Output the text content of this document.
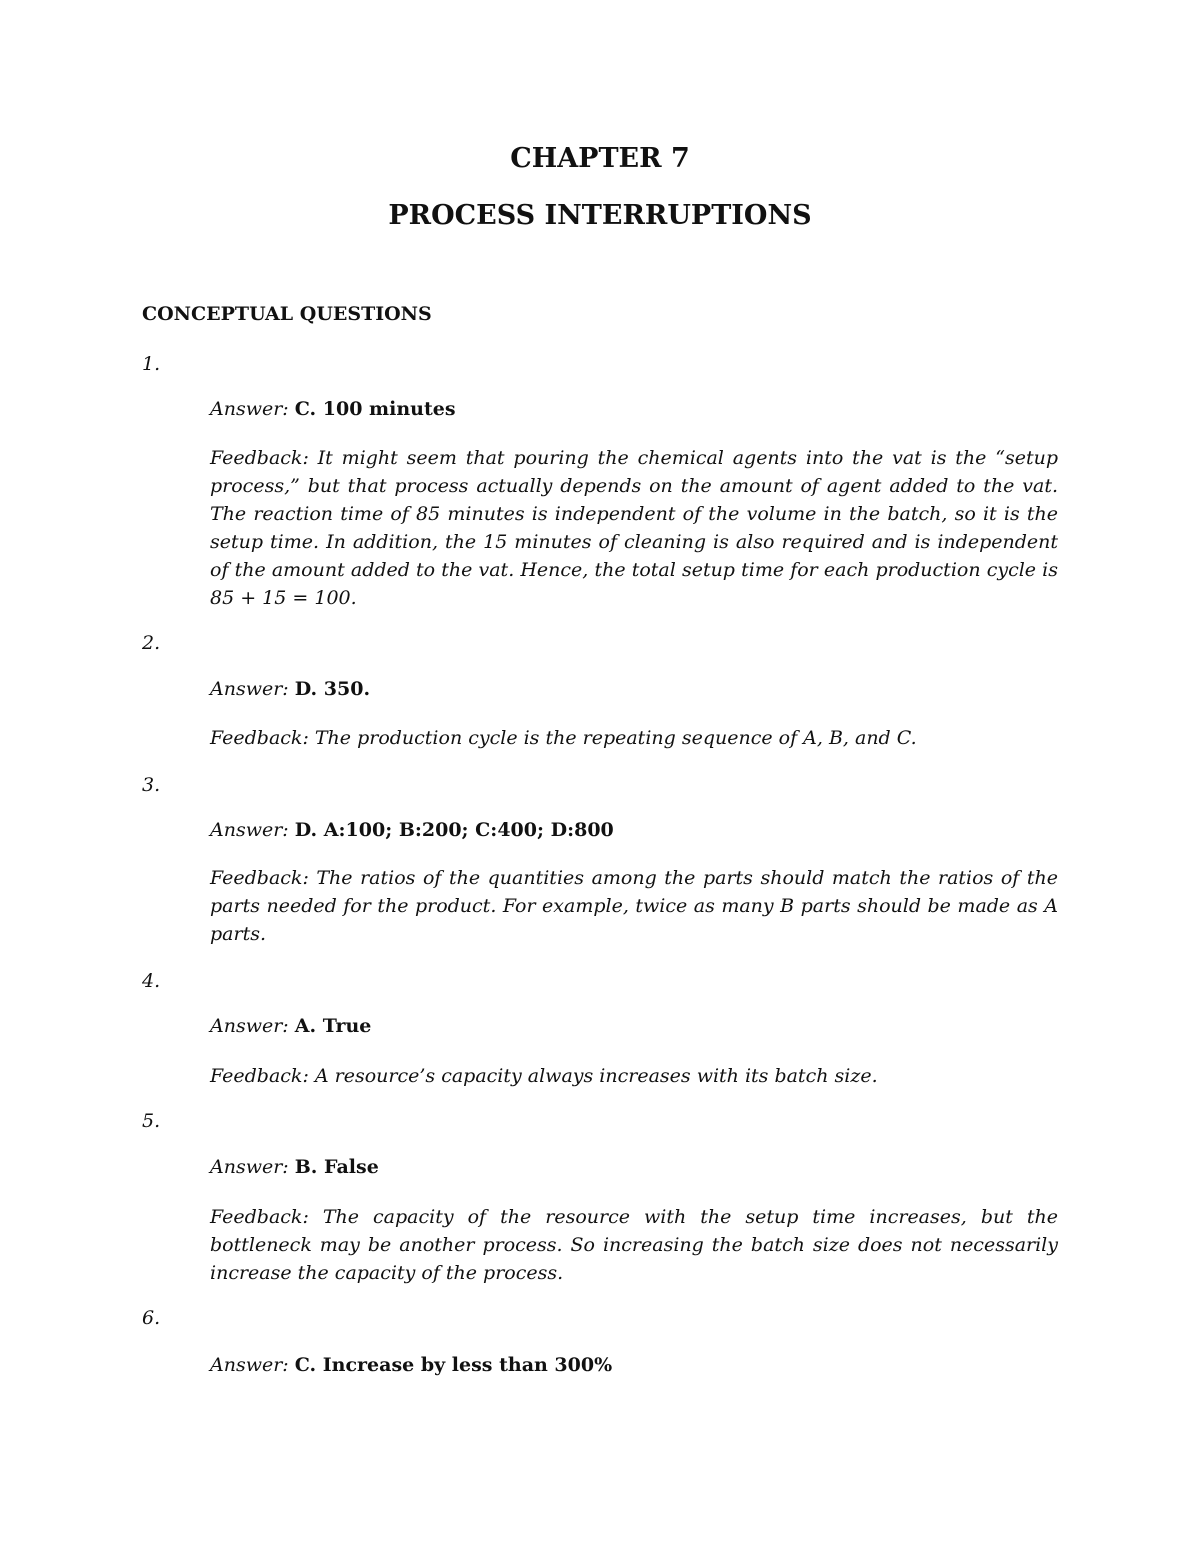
CHAPTER 7
PROCESS INTERRUPTIONS
CONCEPTUAL QUESTIONS
1.
Answer: C. 100 minutes

Feedback: It might seem that pouring the chemical agents into the vat is the “setup process,” but that process actually depends on the amount of agent added to the vat. The reaction time of 85 minutes is independent of the volume in the batch, so it is the setup time. In addition, the 15 minutes of cleaning is also required and is independent of the amount added to the vat. Hence, the total setup time for each production cycle is 85 + 15 = 100.

2.
Answer: D. 350.

Feedback: The production cycle is the repeating sequence of A, B, and C.

3.
Answer: D. A:100; B:200; C:400; D:800

Feedback: The ratios of the quantities among the parts should match the ratios of the parts needed for the product. For example, twice as many B parts should be made as A parts.

4.
Answer: A. True

Feedback: A resource’s capacity always increases with its batch size.

5.
Answer: B. False

Feedback: The capacity of the resource with the setup time increases, but the bottleneck may be another process. So increasing the batch size does not necessarily increase the capacity of the process.

6.
Answer: C. Increase by less than 300%
